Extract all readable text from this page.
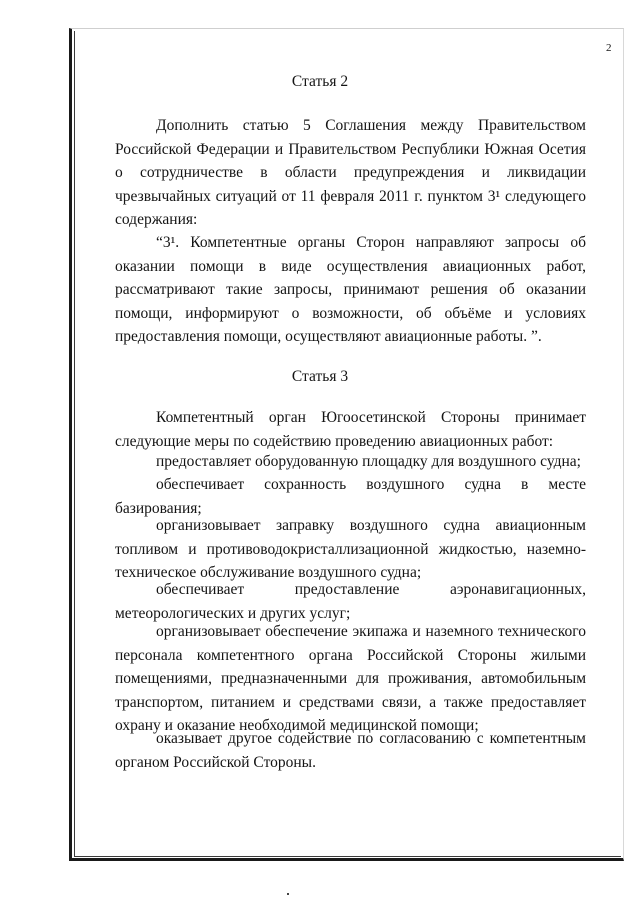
2
Статья 2

Дополнить статью 5 Соглашения между Правительством Российской Федерации и Правительством Республики Южная Осетия о сотрудничестве в области предупреждения и ликвидации чрезвычайных ситуаций от 11 февраля 2011 г. пунктом 3¹ следующего содержания:

“3¹. Компетентные органы Сторон направляют запросы об оказании помощи в виде осуществления авиационных работ, рассматривают такие запросы, принимают решения об оказании помощи, информируют о возможности, об объёме и условиях предоставления помощи, осуществляют авиационные работы. ”.

Статья 3

Компетентный орган Югоосетинской Стороны принимает следующие меры по содействию проведению авиационных работ:

предоставляет оборудованную площадку для воздушного судна;

обеспечивает сохранность воздушного судна в месте базирования;

организовывает заправку воздушного судна авиационным топливом и противоводокристаллизационной жидкостью, наземно-техническое обслуживание воздушного судна;

обеспечивает предоставление аэронавигационных, метеорологических и других услуг;

организовывает обеспечение экипажа и наземного технического персонала компетентного органа Российской Стороны жилыми помещениями, предназначенными для проживания, автомобильным транспортом, питанием и средствами связи, а также предоставляет охрану и оказание необходимой медицинской помощи;

оказывает другое содействие по согласованию с компетентным органом Российской Стороны.
